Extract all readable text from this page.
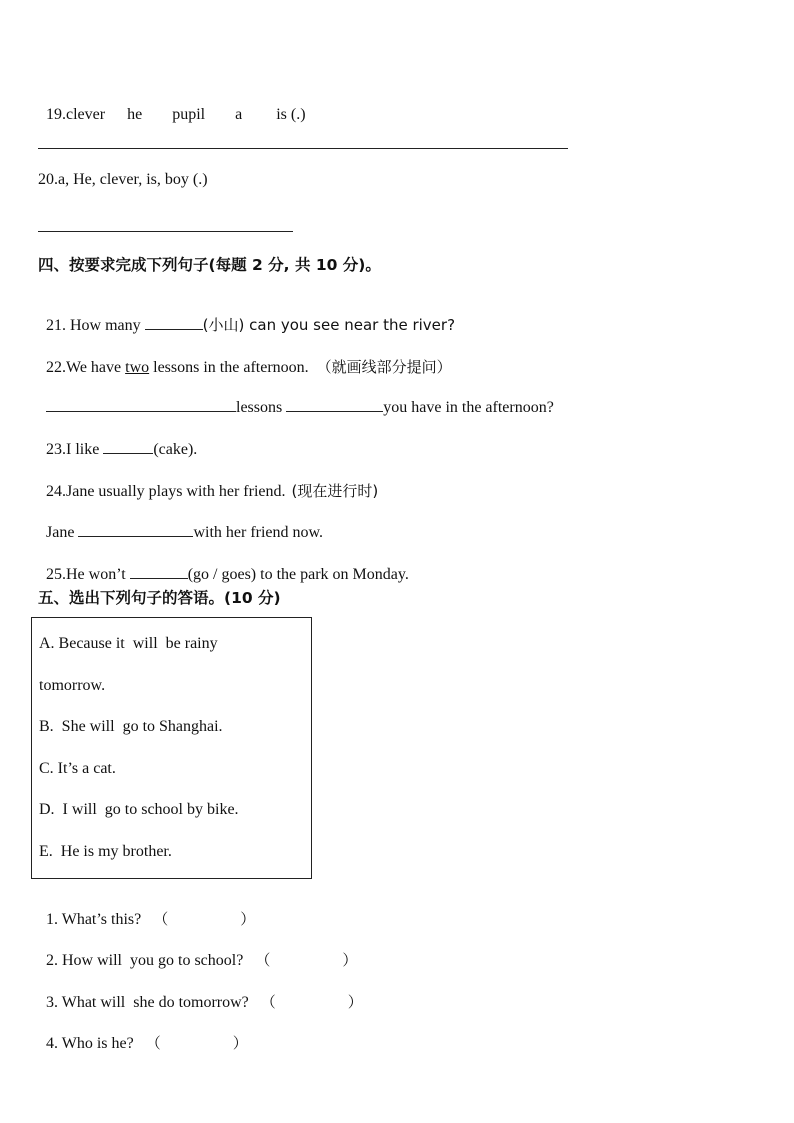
19.clever he pupil a is (.)

20.a, He, clever, is, boy (.)
四、按要求完成下列句子(每题 2 分, 共 10 分)。

21. How many	(小山) can you see near the river?

22.We have two lessons in the afternoon. （就画线部分提问）

lessons	you have in the afternoon?

23.I like	(cake).

24.Jane usually plays with her friend. (现在进行时)

Jane	with her friend now.

25.He won’t	(go / goes) to the park on Monday.

五、选出下列句子的答语。(10 分)
A. Because it  will  be rainy
tomorrow.
B.  She will  go to Shanghai.
C. It’s a cat.
D.  I will  go to school by bike.
E.  He is my brother.

1. What’s this? （	）

2. How will  you go to school? （	）

3. What will  she do tomorrow? （	）

4. Who is he? （	）
